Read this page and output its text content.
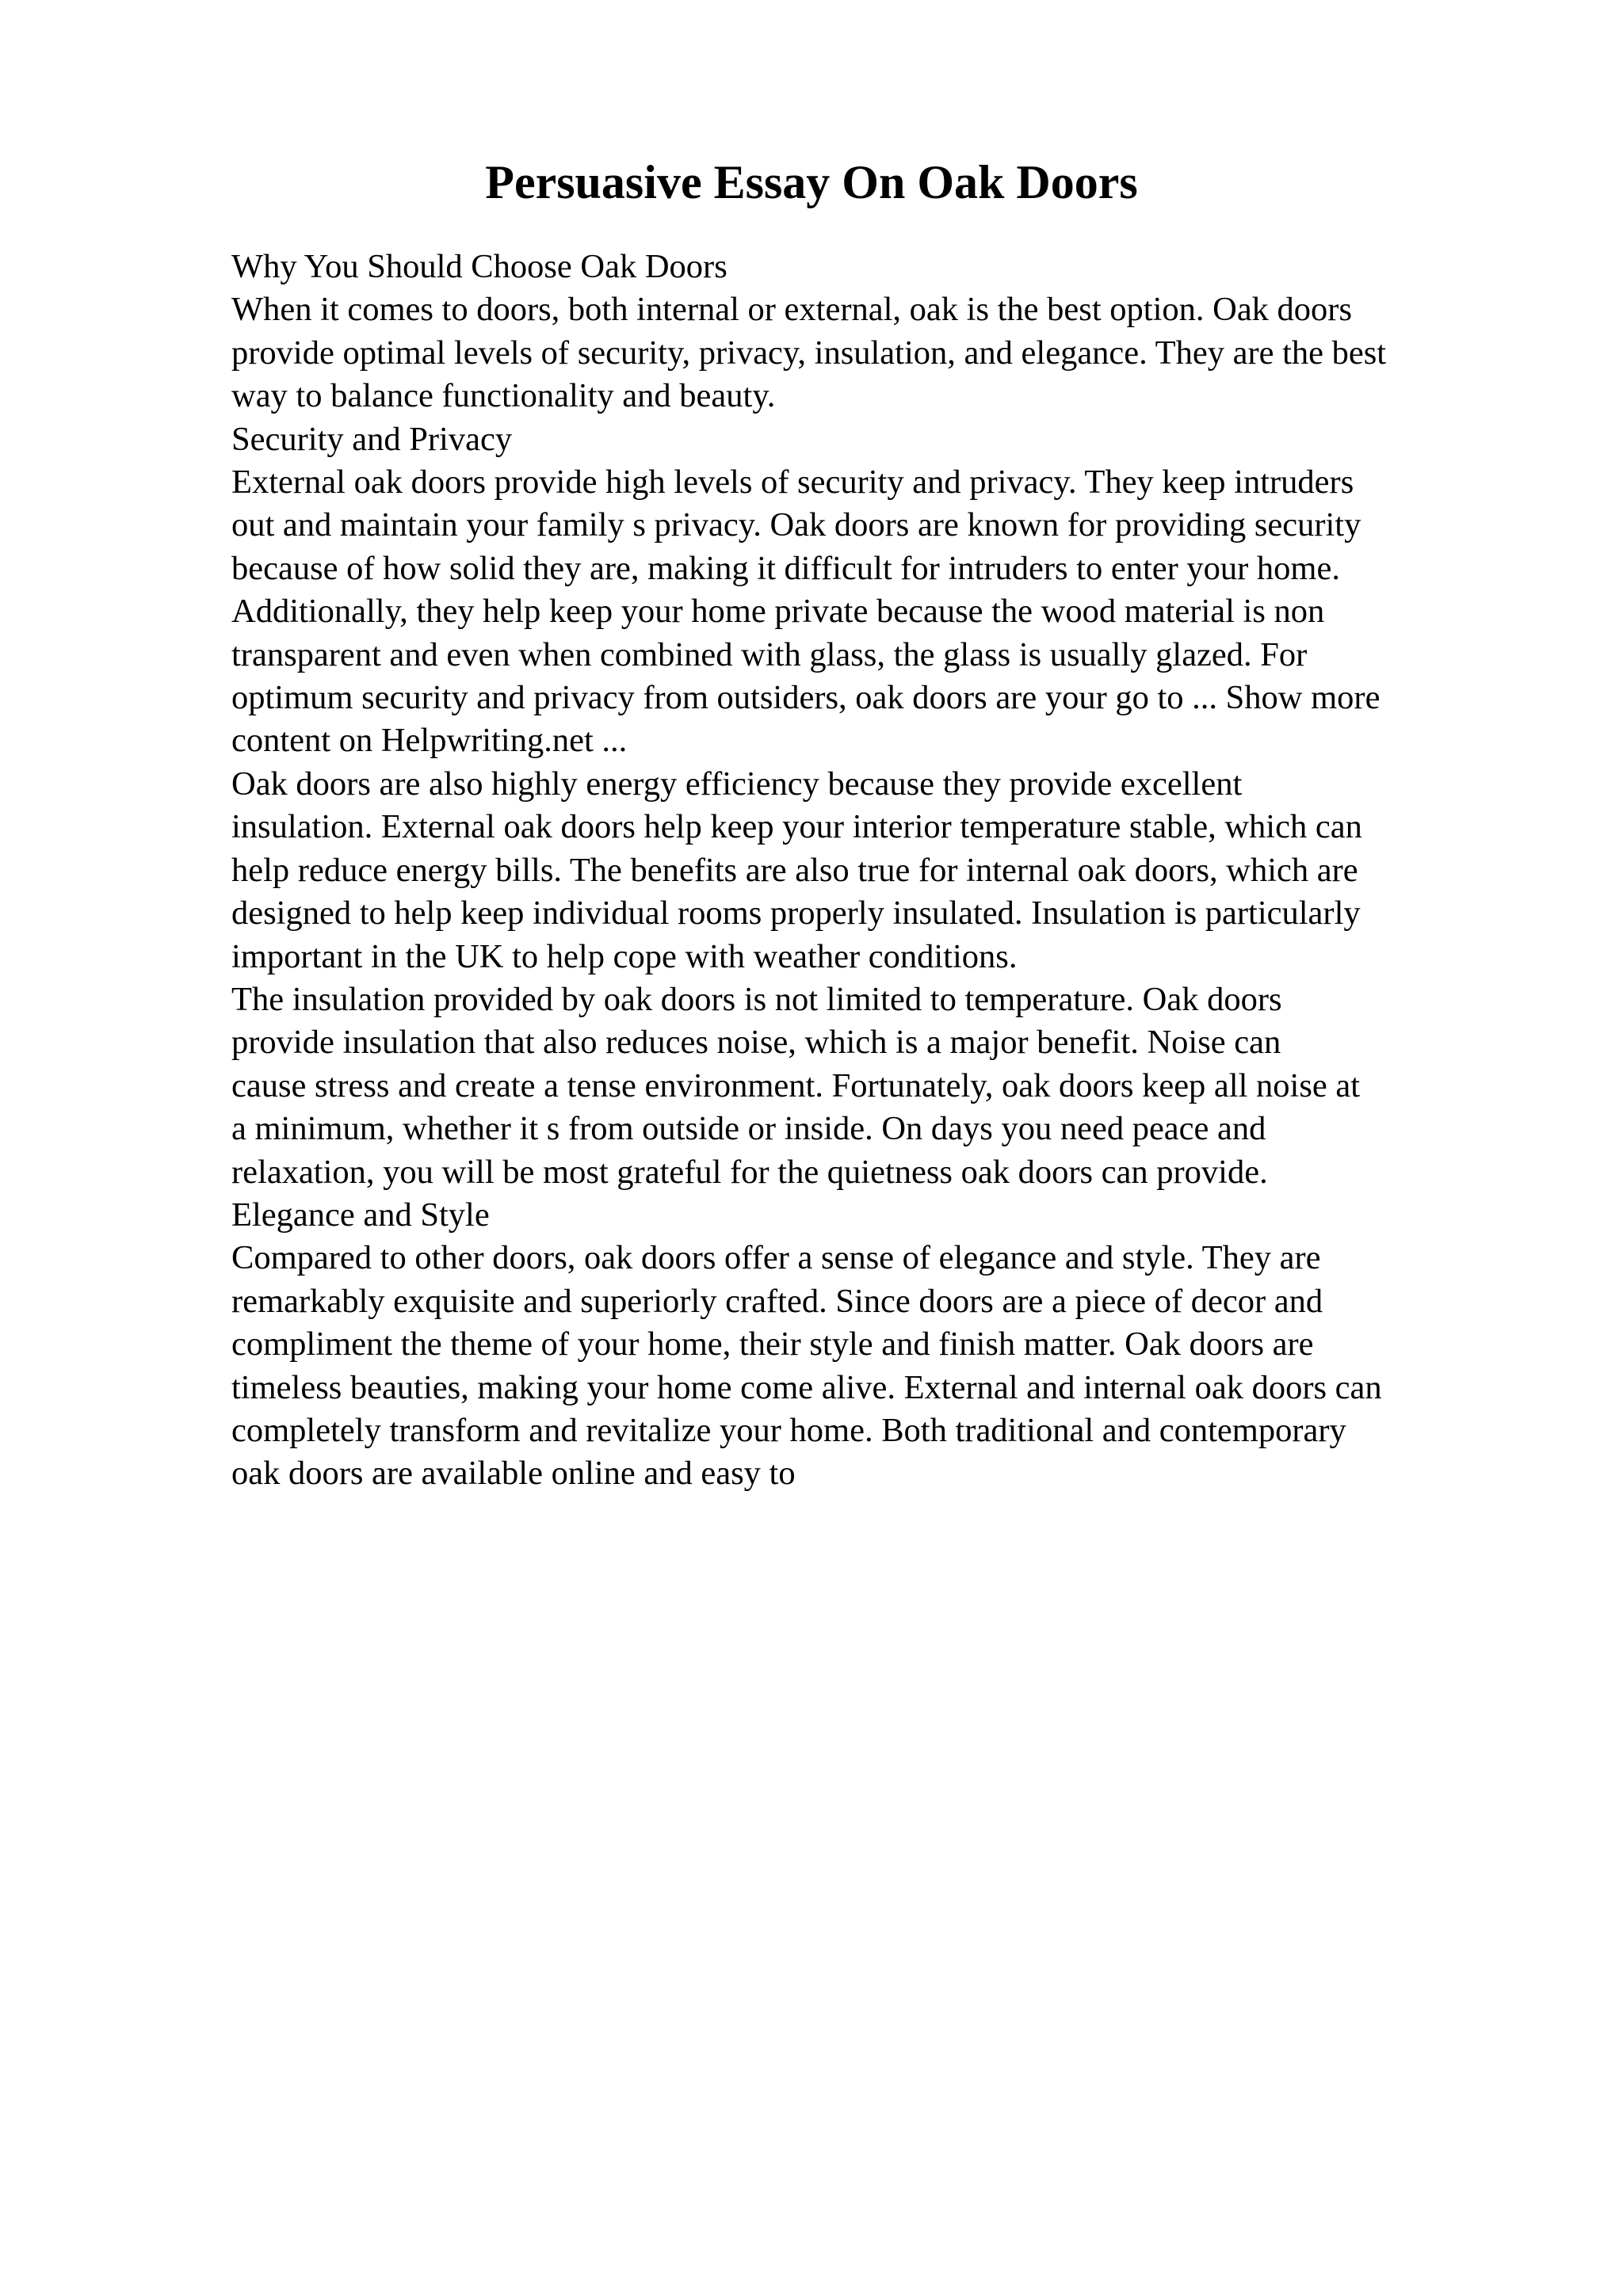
Persuasive Essay On Oak Doors
Why You Should Choose Oak Doors
When it comes to doors, both internal or external, oak is the best option. Oak doors
provide optimal levels of security, privacy, insulation, and elegance. They are the best
way to balance functionality and beauty.
Security and Privacy
External oak doors provide high levels of security and privacy. They keep intruders
out and maintain your family s privacy. Oak doors are known for providing security
because of how solid they are, making it difficult for intruders to enter your home.
Additionally, they help keep your home private because the wood material is non
transparent and even when combined with glass, the glass is usually glazed. For
optimum security and privacy from outsiders, oak doors are your go to ... Show more
content on Helpwriting.net ...
Oak doors are also highly energy efficiency because they provide excellent
insulation. External oak doors help keep your interior temperature stable, which can
help reduce energy bills. The benefits are also true for internal oak doors, which are
designed to help keep individual rooms properly insulated. Insulation is particularly
important in the UK to help cope with weather conditions.
The insulation provided by oak doors is not limited to temperature. Oak doors
provide insulation that also reduces noise, which is a major benefit. Noise can
cause stress and create a tense environment. Fortunately, oak doors keep all noise at
a minimum, whether it s from outside or inside. On days you need peace and
relaxation, you will be most grateful for the quietness oak doors can provide.
Elegance and Style
Compared to other doors, oak doors offer a sense of elegance and style. They are
remarkably exquisite and superiorly crafted. Since doors are a piece of decor and
compliment the theme of your home, their style and finish matter. Oak doors are
timeless beauties, making your home come alive. External and internal oak doors can
completely transform and revitalize your home. Both traditional and contemporary
oak doors are available online and easy to
